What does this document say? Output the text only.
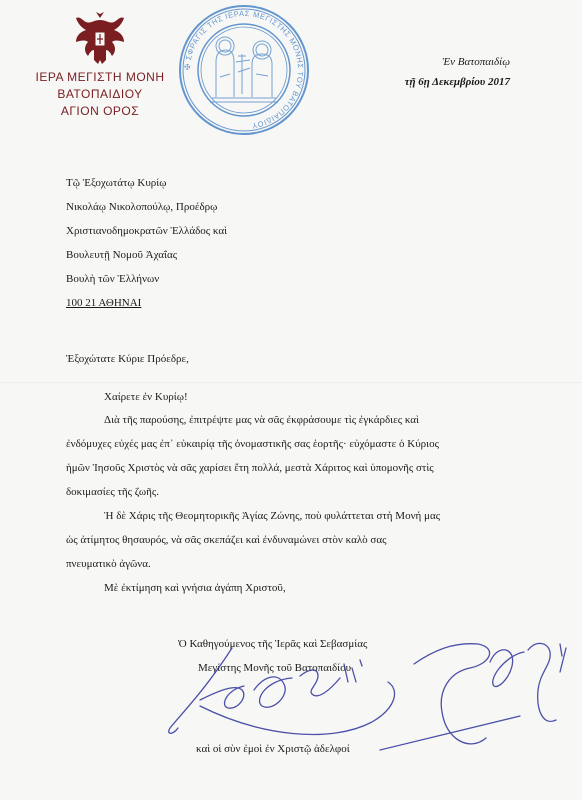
ΙΕΡΑ ΜΕΓΙΣΤΗ ΜΟΝΗ
ΒΑΤΟΠΑΙΔΙΟΥ
ΑΓΙΟΝ ΟΡΟΣ
✠ ΣΦΡΑΓΙΣ ΤΗΣ ΙΕΡΑΣ ΜΕΓΙΣΤΗΣ ΜΟΝΗΣ ΤΟΥ ΒΑΤΟΠΑΙΔΙΟΥ
Ἐν Βατοπαιδίῳ
τῇ 6ῃ Δεκεμβρίου 2017
Τῷ Ἐξοχωτάτῳ Κυρίῳ
Νικολάῳ Νικολοπούλῳ, Προέδρῳ
Χριστιανοδημοκρατῶν Ἑλλάδος καὶ
Βουλευτῇ Νομοῦ Ἀχαΐας
Βουλὴ τῶν Ἑλλήνων
100 21 ΑΘΗΝΑΙ
Ἐξοχώτατε Κύριε Πρόεδρε,
Χαίρετε ἐν Κυρίῳ!
Διὰ τῆς παρούσης, ἐπιτρέψτε μας νὰ σᾶς ἐκφράσουμε τὶς ἐγκάρδιες καὶ
ἐνδόμυχες εὐχές μας ἐπ᾽ εὐκαιρίᾳ τῆς ὀνομαστικῆς σας ἑορτῆς· εὐχόμαστε ὁ Κύριος
ἡμῶν Ἰησοῦς Χριστὸς νὰ σᾶς χαρίσει ἔτη πολλά, μεστὰ Χάριτος καὶ ὑπομονῆς στὶς
δοκιμασίες τῆς ζωῆς.
Ἡ δὲ Χάρις τῆς Θεομητορικῆς Ἁγίας Ζώνης, ποὺ φυλάττεται στὴ Μονή μας
ὡς ἀτίμητος θησαυρός, νὰ σᾶς σκεπάζει καὶ ἐνδυναμώνει στὸν καλὸ σας
πνευματικὸ ἀγῶνα.
Μὲ ἐκτίμηση καὶ γνήσια ἀγάπη Χριστοῦ,
Ὁ Καθηγούμενος τῆς Ἱερᾶς καὶ Σεβασμίας
Μεγίστης Μονῆς τοῦ Βατοπαιδίου
καὶ οἱ σὺν ἐμοὶ ἐν Χριστῷ ἀδελφοί
